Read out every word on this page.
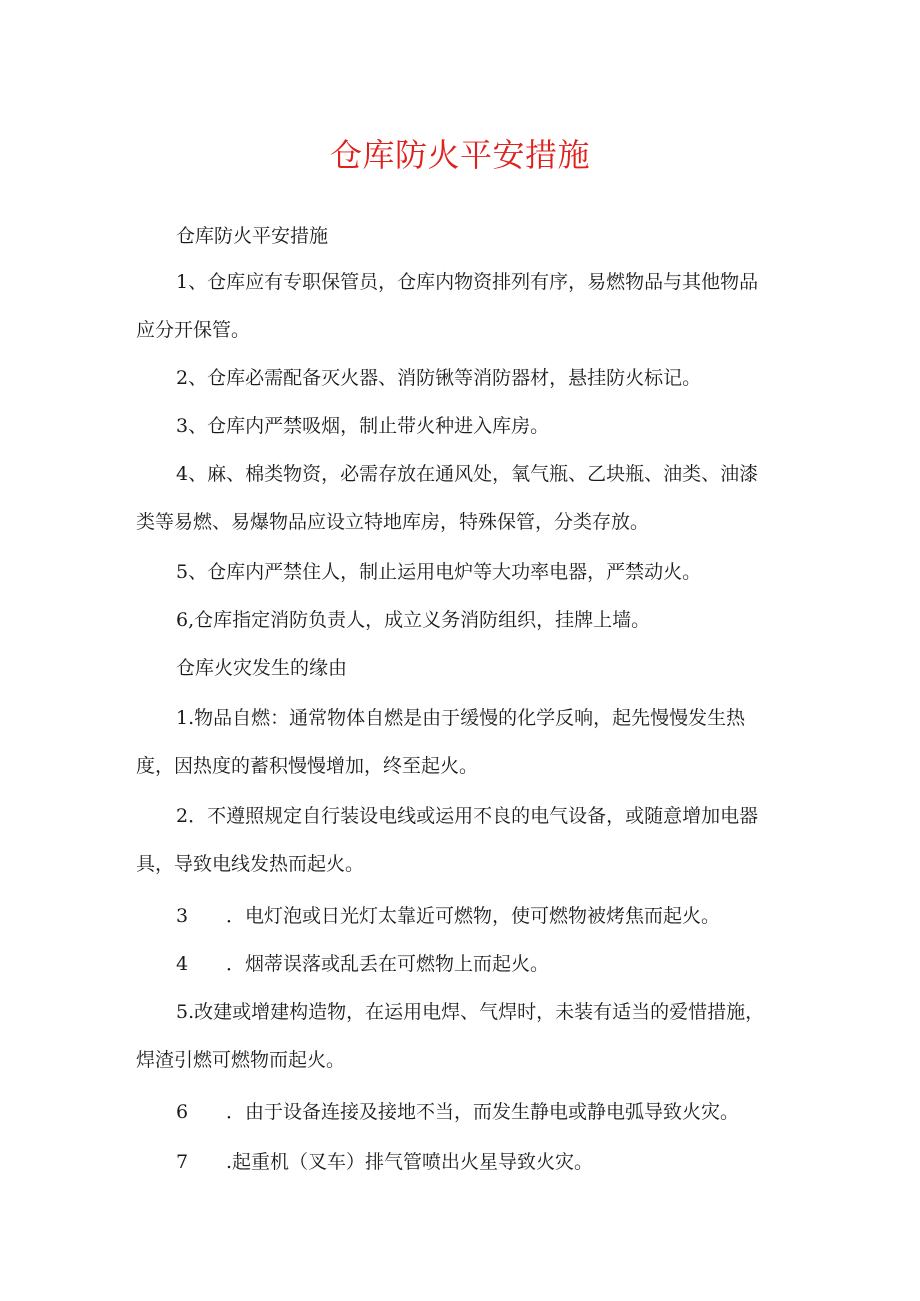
仓库防火平安措施
仓库防火平安措施
1、仓库应有专职保管员，仓库内物资排列有序，易燃物品与其他物品
应分开保管。
2、仓库必需配备灭火器、消防锹等消防器材，悬挂防火标记。
3、仓库内严禁吸烟，制止带火种进入库房。
4、麻、棉类物资，必需存放在通风处，氧气瓶、乙块瓶、油类、油漆
类等易燃、易爆物品应设立特地库房，特殊保管，分类存放。
5、仓库内严禁住人，制止运用电炉等大功率电器，严禁动火。
6,仓库指定消防负责人，成立义务消防组织，挂牌上墙。
仓库火灾发生的缘由
1.物品自燃：通常物体自燃是由于缓慢的化学反响，起先慢慢发生热
度，因热度的蓄积慢慢增加，终至起火。
2．不遵照规定自行装设电线或运用不良的电气设备，或随意增加电器
具，导致电线发热而起火。
3 ．电灯泡或日光灯太靠近可燃物，使可燃物被烤焦而起火。
4 ．烟蒂误落或乱丢在可燃物上而起火。
5.改建或增建构造物，在运用电焊、气焊时，未装有适当的爱惜措施，
焊渣引燃可燃物而起火。
6 ．由于设备连接及接地不当，而发生静电或静电弧导致火灾。
7 .起重机（叉车）排气管喷出火星导致火灾。
